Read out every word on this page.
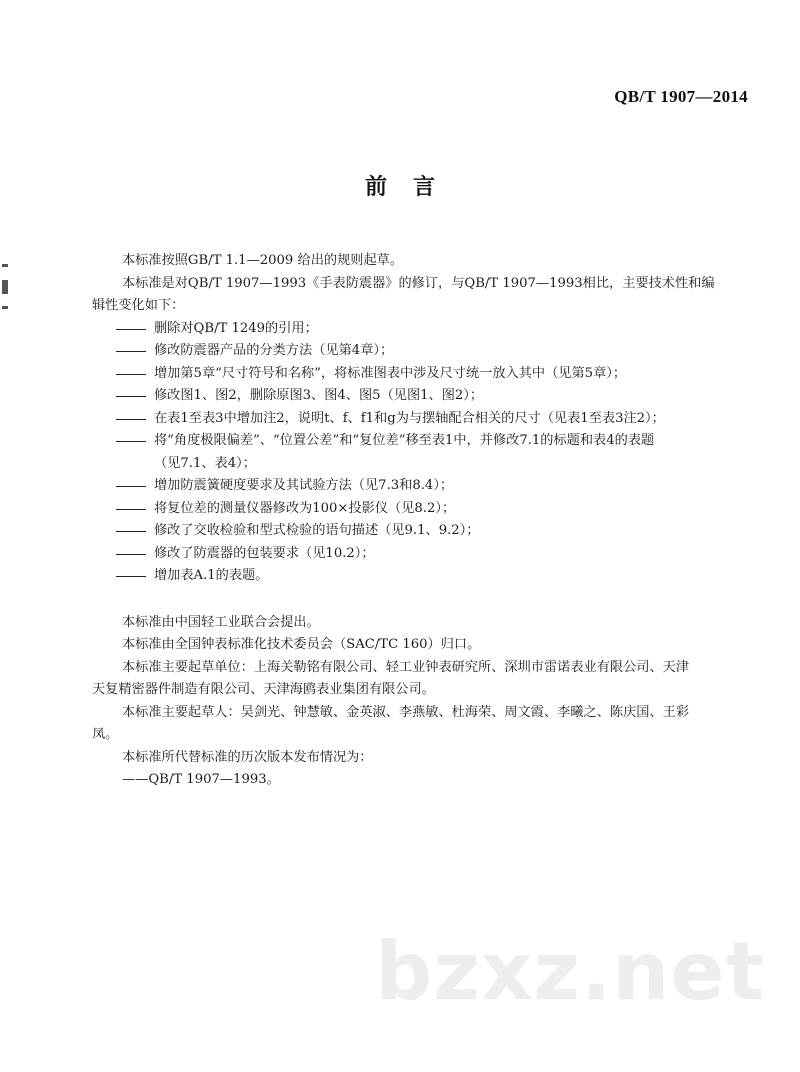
QB/T 1907—2014
前言

本标准按照GB/T 1.1—2009 给出的规则起草。

本标准是对QB/T 1907—1993《手表防震器》的修订，与QB/T 1907—1993相比，主要技术性和编

辑性变化如下：

删除对QB/T 1249的引用；
修改防震器产品的分类方法（见第4章）；
增加第5章“尺寸符号和名称”，将标准图表中涉及尺寸统一放入其中（见第5章）；
修改图1、图2，删除原图3、图4、图5（见图1、图2）；
在表1至表3中增加注2，说明t、f、f1和g为与摆轴配合相关的尺寸（见表1至表3注2）；
将“角度极限偏差”、“位置公差”和“复位差”移至表1中，并修改7.1的标题和表4的表题
（见7.1、表4）；
增加防震簧硬度要求及其试验方法（见7.3和8.4）；
将复位差的测量仪器修改为100×投影仪（见8.2）；
修改了交收检验和型式检验的语句描述（见9.1、9.2）；
修改了防震器的包装要求（见10.2）；
增加表A.1的表题。

本标准由中国轻工业联合会提出。

本标准由全国钟表标准化技术委员会（SAC/TC 160）归口。

本标准主要起草单位：上海关勒铭有限公司、轻工业钟表研究所、深圳市雷诺表业有限公司、天津

天复精密器件制造有限公司、天津海鸥表业集团有限公司。

本标准主要起草人：吴剑光、钟慧敏、金英淑、李燕敏、杜海荣、周文霞、李曦之、陈庆国、王彩

凤。

本标准所代替标准的历次版本发布情况为：

——QB/T 1907—1993。

bzxz.net
